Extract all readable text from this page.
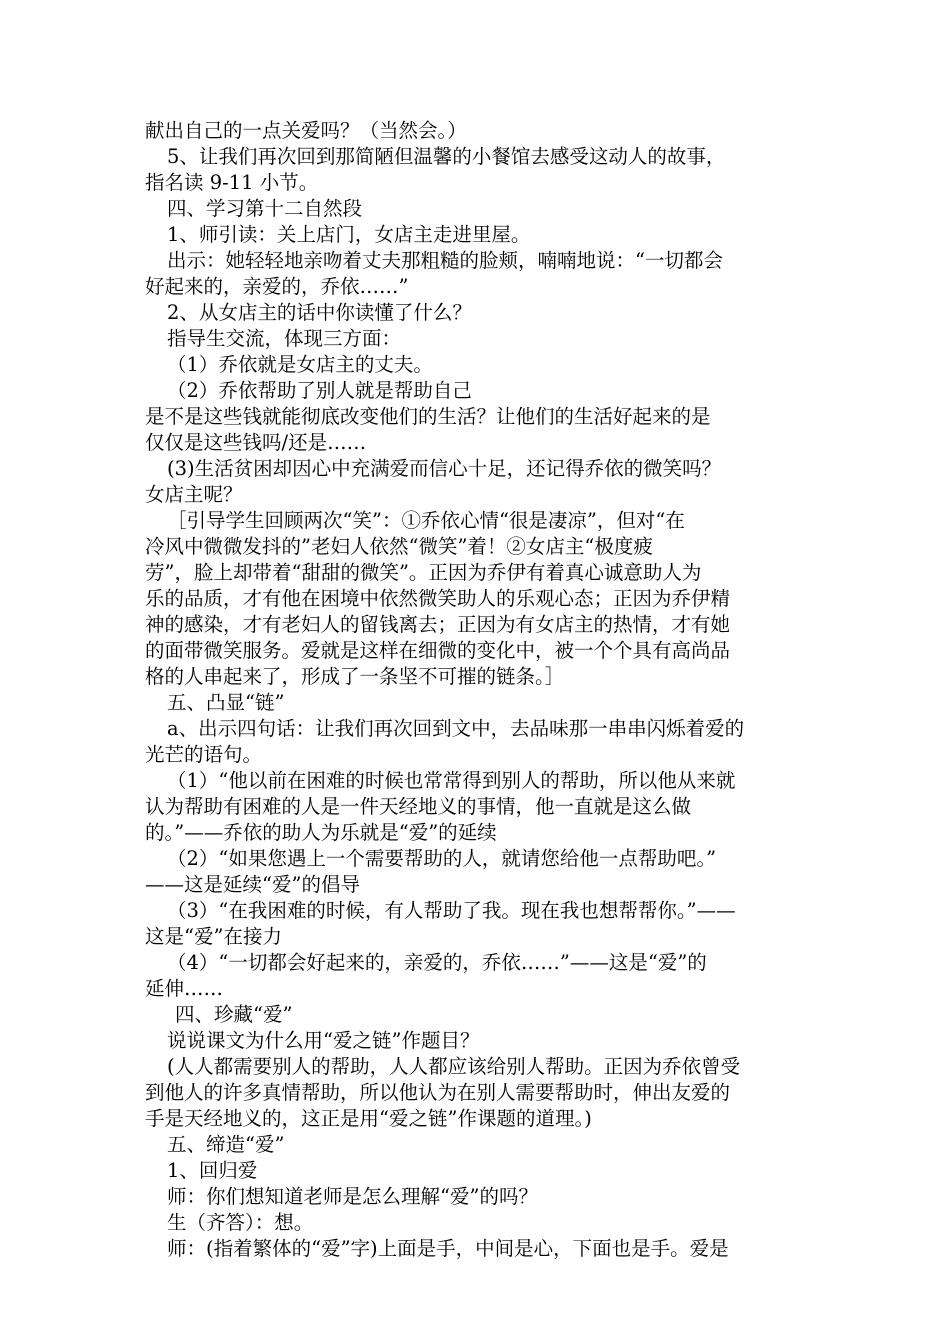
献出自己的一点关爱吗？（当然会。）
5、让我们再次回到那简陋但温馨的小餐馆去感受这动人的故事，
指名读 9-11 小节。
四、学习第十二自然段
1、师引读：关上店门，女店主走进里屋。
出示：她轻轻地亲吻着丈夫那粗糙的脸颊，喃喃地说：“一切都会
好起来的，亲爱的，乔依……”
2、从女店主的话中你读懂了什么？
指导生交流，体现三方面：
（1）乔依就是女店主的丈夫。
（2）乔依帮助了别人就是帮助自己
是不是这些钱就能彻底改变他们的生活？让他们的生活好起来的是
仅仅是这些钱吗/还是……
(3)生活贫困却因心中充满爱而信心十足，还记得乔依的微笑吗？
女店主呢？
［引导学生回顾两次“笑”：①乔依心情“很是凄凉”，但对“在
冷风中微微发抖的”老妇人依然“微笑”着！②女店主“极度疲
劳”，脸上却带着“甜甜的微笑”。正因为乔伊有着真心诚意助人为
乐的品质，才有他在困境中依然微笑助人的乐观心态；正因为乔伊精
神的感染，才有老妇人的留钱离去；正因为有女店主的热情，才有她
的面带微笑服务。爱就是这样在细微的变化中，被一个个具有高尚品
格的人串起来了，形成了一条坚不可摧的链条。］
五、凸显“链”
a、出示四句话：让我们再次回到文中，去品味那一串串闪烁着爱的
光芒的语句。
（1）“他以前在困难的时候也常常得到别人的帮助，所以他从来就
认为帮助有困难的人是一件天经地义的事情，他一直就是这么做
的。”——乔依的助人为乐就是“爱”的延续
（2）“如果您遇上一个需要帮助的人，就请您给他一点帮助吧。”
——这是延续“爱”的倡导
（3）“在我困难的时候，有人帮助了我。现在我也想帮帮你。”——
这是“爱”在接力
（4）“一切都会好起来的，亲爱的，乔依……”——这是“爱”的
延伸……
四、珍藏“爱”
说说课文为什么用“爱之链”作题目？
(人人都需要别人的帮助，人人都应该给别人帮助。正因为乔依曾受
到他人的许多真情帮助，所以他认为在别人需要帮助时，伸出友爱的
手是天经地义的，这正是用“爱之链”作课题的道理。)
五、缔造“爱”
1、回归爱
师：你们想知道老师是怎么理解“爱”的吗？
生（齐答）：想。
师：(指着繁体的“爱”字)上面是手，中间是心，下面也是手。爱是
